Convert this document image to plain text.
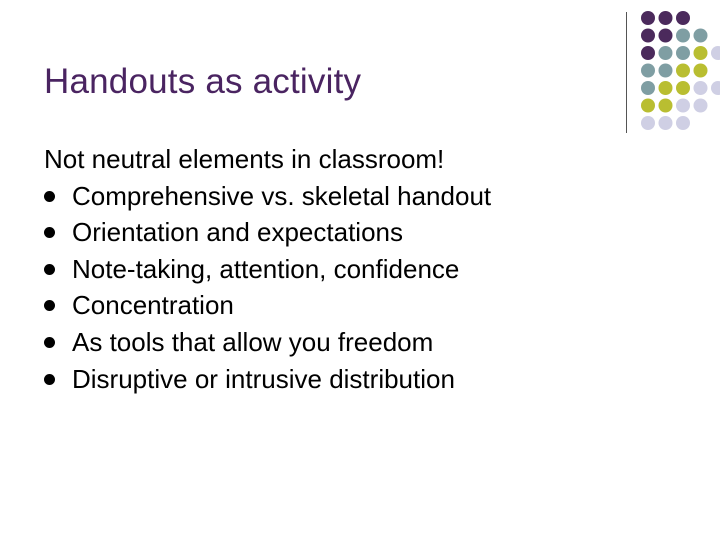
Handouts as activity

Not neutral elements in classroom!

Comprehensive vs. skeletal handout
Orientation and expectations
Note-taking, attention, confidence
Concentration
As tools that allow you freedom
Disruptive or intrusive distribution
